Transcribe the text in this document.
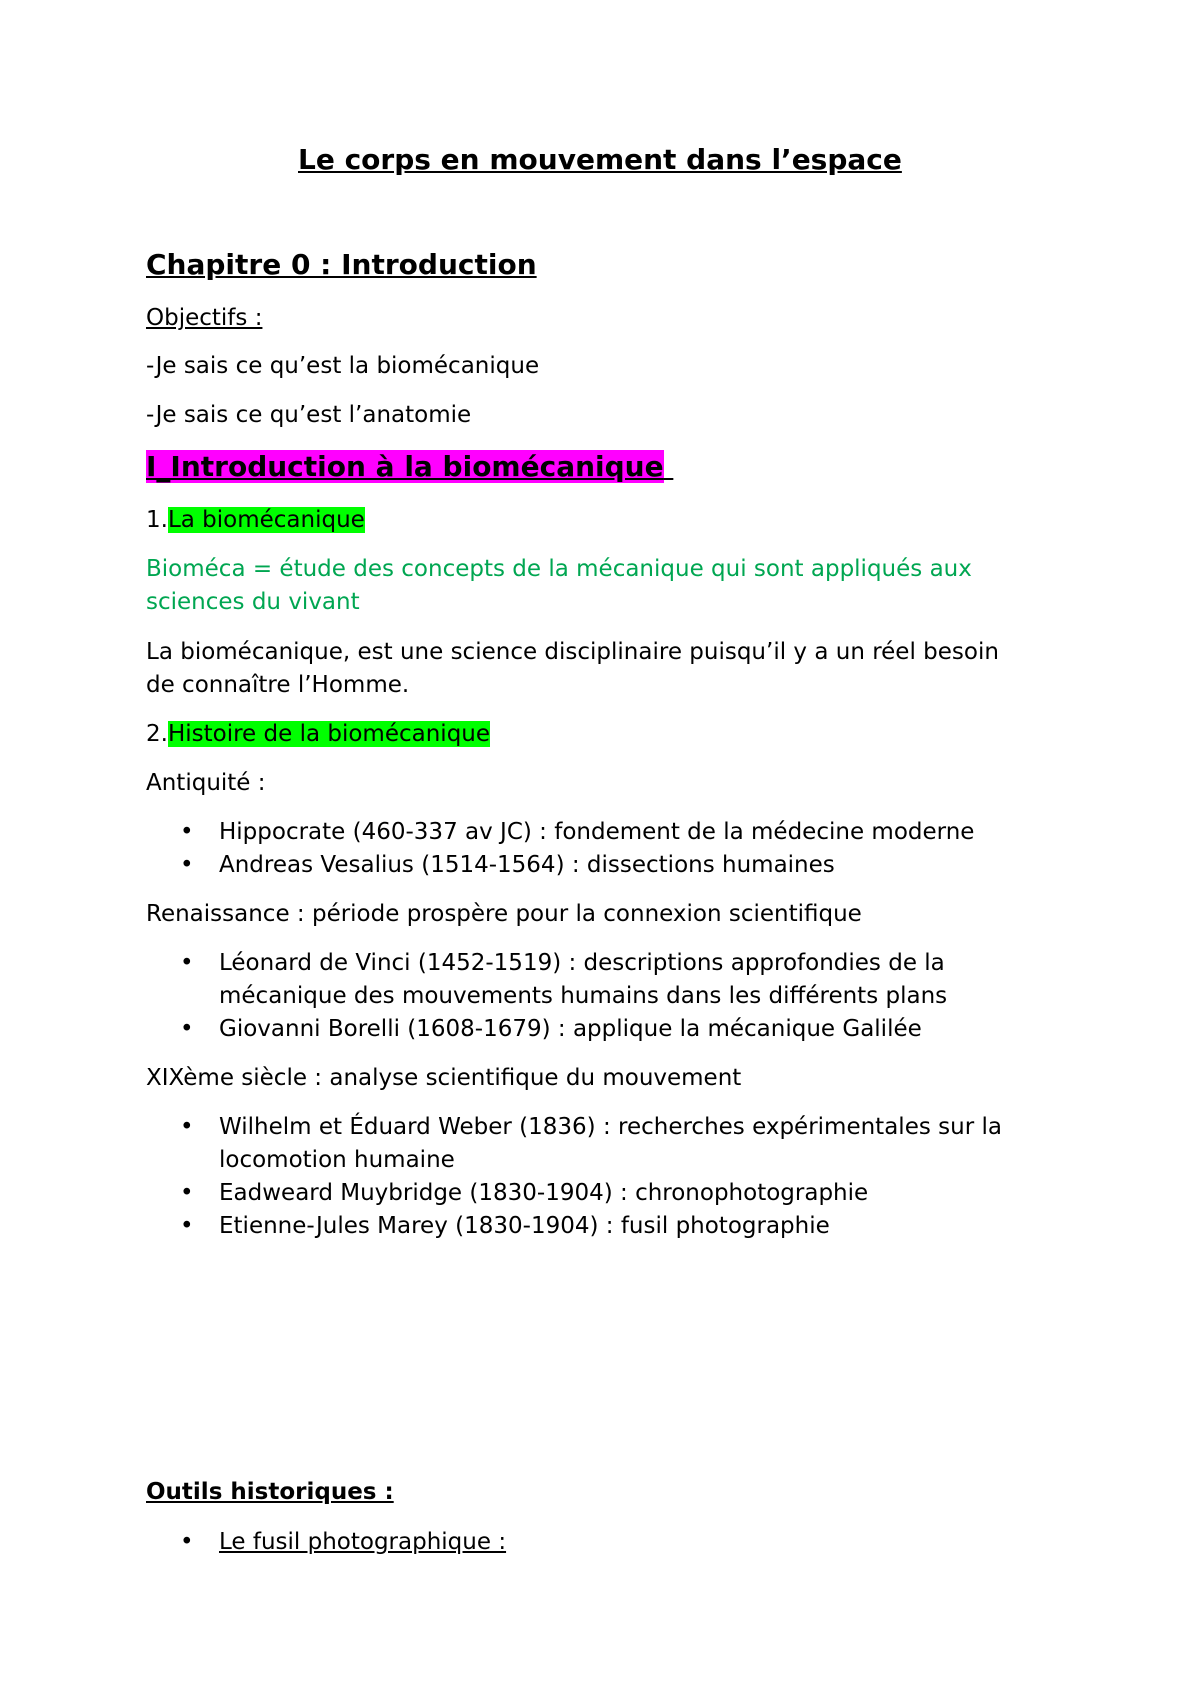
Le corps en mouvement dans l’espace
Chapitre 0 : Introduction
Objectifs :
-Je sais ce qu’est la biomécanique
-Je sais ce qu’est l’anatomie
I_Introduction à la biomécanique
1.La biomécanique
Bioméca = étude des concepts de la mécanique qui sont appliqués aux
sciences du vivant
La biomécanique, est une science disciplinaire puisqu’il y a un réel besoin
de connaître l’Homme.
2.Histoire de la biomécanique
Antiquité :
• Hippocrate (460-337 av JC) : fondement de la médecine moderne
• Andreas Vesalius (1514-1564) : dissections humaines
Renaissance : période prospère pour la connexion scientifique
• Léonard de Vinci (1452-1519) : descriptions approfondies de la
mécanique des mouvements humains dans les différents plans
• Giovanni Borelli (1608-1679) : applique la mécanique Galilée
XIXème siècle : analyse scientifique du mouvement
• Wilhelm et Éduard Weber (1836) : recherches expérimentales sur la
locomotion humaine
• Eadweard Muybridge (1830-1904) : chronophotographie
• Etienne-Jules Marey (1830-1904) : fusil photographie
Outils historiques :
• Le fusil photographique :
